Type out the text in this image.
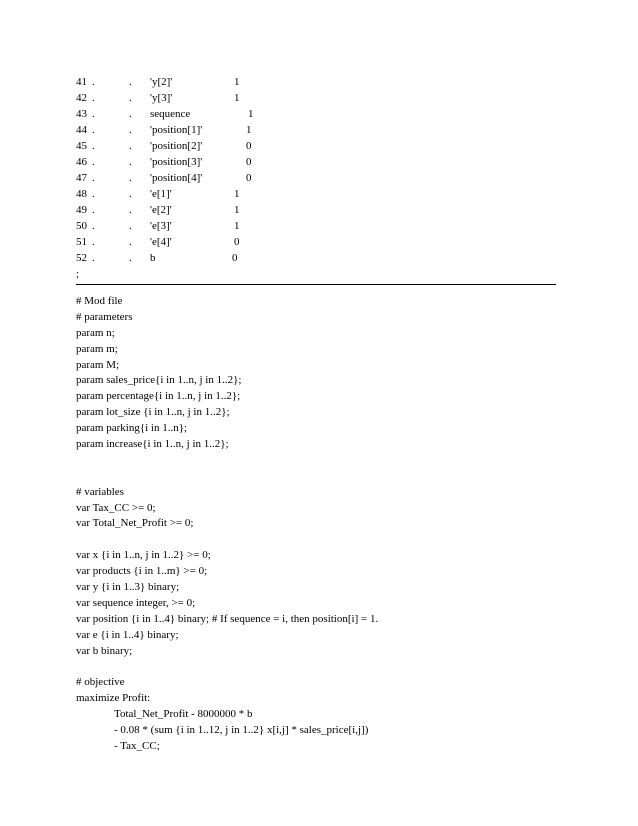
41 .	. 'y[2]'	1
42 .	. 'y[3]'	1
43 .	. sequence	1
44 .	. 'position[1]'	1
45 .	. 'position[2]'	0
46 .	. 'position[3]'	0
47 .	. 'position[4]'	0
48 .	. 'e[1]'	1
49 .	. 'e[2]'	1
50 .	. 'e[3]'	1
51 .	. 'e[4]'	0
52 .	. b	0
;
# Mod file
# parameters
param n;
param m;
param M;
param sales_price{i in 1..n, j in 1..2};
param percentage{i in 1..n, j in 1..2};
param lot_size {i in 1..n, j in 1..2};
param parking{i in 1..n};
param increase{i in 1..n, j in 1..2};
# variables
var Tax_CC >= 0;
var Total_Net_Profit >= 0;
var x {i in 1..n, j in 1..2} >= 0;
var products {i in 1..m} >= 0;
var y {i in 1..3} binary;
var sequence integer, >= 0;
var position {i in 1..4} binary; # If sequence = i, then position[i] = 1.
var e {i in 1..4} binary;
var b binary;
# objective
maximize Profit:
Total_Net_Profit - 8000000 * b
- 0.08 * (sum {i in 1..12, j in 1..2} x[i,j] * sales_price[i,j])
- Tax_CC;
